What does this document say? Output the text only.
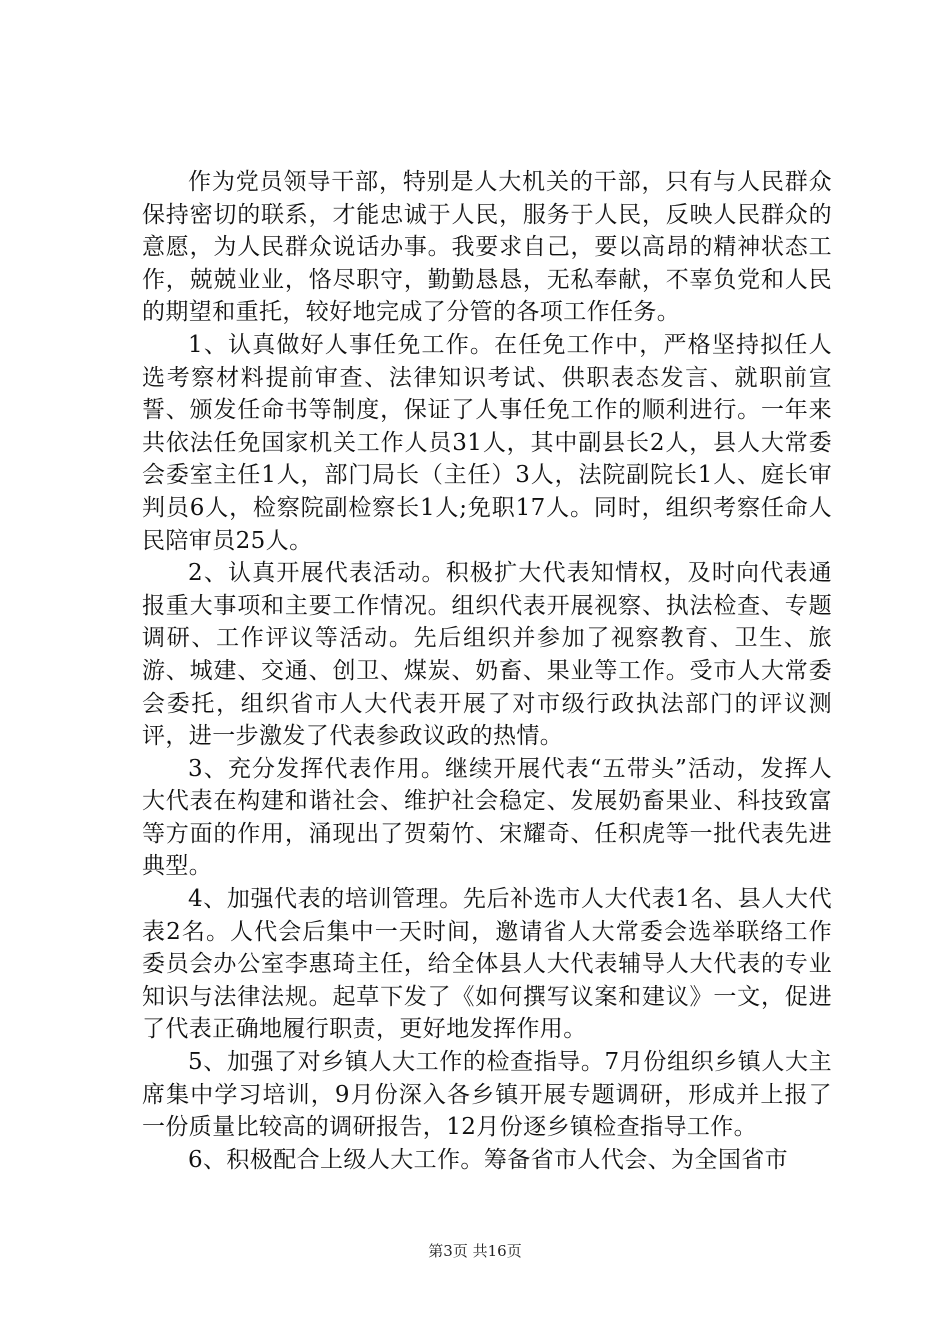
作为党员领导干部，特别是人大机关的干部，只有与人民群众保持密切的联系，才能忠诚于人民，服务于人民，反映人民群众的意愿，为人民群众说话办事。我要求自己，要以高昂的精神状态工作，兢兢业业，恪尽职守，勤勤恳恳，无私奉献，不辜负党和人民的期望和重托，较好地完成了分管的各项工作任务。

1、认真做好人事任免工作。在任免工作中，严格坚持拟任人选考察材料提前审查、法律知识考试、供职表态发言、就职前宣誓、颁发任命书等制度，保证了人事任免工作的顺利进行。一年来共依法任免国家机关工作人员31人，其中副县长2人，县人大常委会委室主任1人，部门局长（主任）3人，法院副院长1人、庭长审判员6人，检察院副检察长1人;免职17人。同时，组织考察任命人民陪审员25人。

2、认真开展代表活动。积极扩大代表知情权，及时向代表通报重大事项和主要工作情况。组织代表开展视察、执法检查、专题调研、工作评议等活动。先后组织并参加了视察教育、卫生、旅游、城建、交通、创卫、煤炭、奶畜、果业等工作。受市人大常委会委托，组织省市人大代表开展了对市级行政执法部门的评议测评，进一步激发了代表参政议政的热情。

3、充分发挥代表作用。继续开展代表“五带头”活动，发挥人大代表在构建和谐社会、维护社会稳定、发展奶畜果业、科技致富等方面的作用，涌现出了贺菊竹、宋耀奇、任积虎等一批代表先进典型。

4、加强代表的培训管理。先后补选市人大代表1名、县人大代表2名。人代会后集中一天时间，邀请省人大常委会选举联络工作委员会办公室李惠琦主任，给全体县人大代表辅导人大代表的专业知识与法律法规。起草下发了《如何撰写议案和建议》一文，促进了代表正确地履行职责，更好地发挥作用。

5、加强了对乡镇人大工作的检查指导。7月份组织乡镇人大主席集中学习培训，9月份深入各乡镇开展专题调研，形成并上报了一份质量比较高的调研报告，12月份逐乡镇检查指导工作。

6、积极配合上级人大工作。筹备省市人代会、为全国省市

第3页 共16页
